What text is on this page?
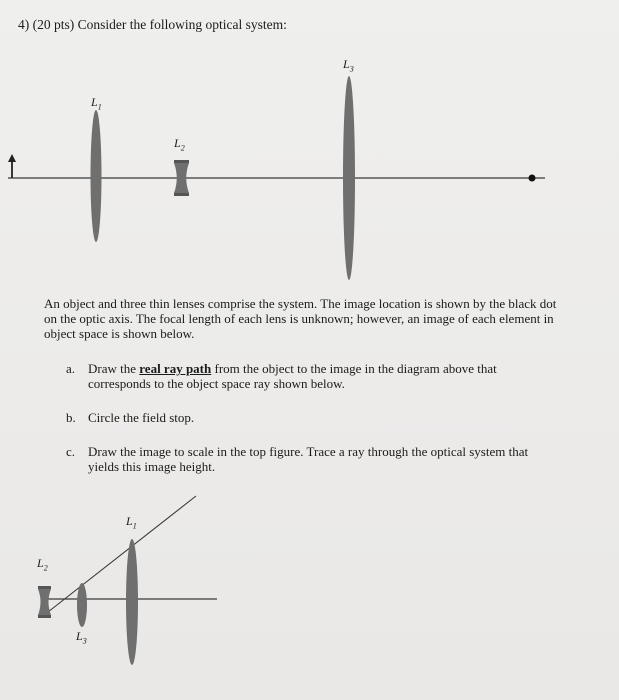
4) (20 pts) Consider the following optical system:
$L_1$
$L_2$
$L_3$
An object and three thin lenses comprise the system. The image location is shown by the black dot on the optic axis. The focal length of each lens is unknown; however, an image of each element in object space is shown below.
a. Draw the real ray path from the object to the image in the diagram above that corresponds to the object space ray shown below.
b. Circle the field stop.
c. Draw the image to scale in the top figure. Trace a ray through the optical system that yields this image height.
$L_1$
$L_2$
$L_3$
